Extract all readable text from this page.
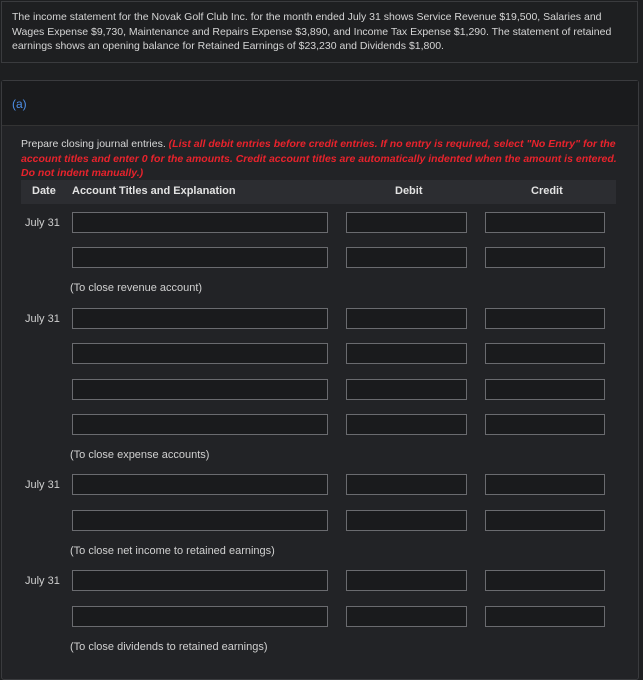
The income statement for the Novak Golf Club Inc. for the month ended July 31 shows Service Revenue $19,500, Salaries and Wages Expense $9,730, Maintenance and Repairs Expense $3,890, and Income Tax Expense $1,290. The statement of retained earnings shows an opening balance for Retained Earnings of $23,230 and Dividends $1,800.
(a)
Prepare closing journal entries. (List all debit entries before credit entries. If no entry is required, select "No Entry" for the account titles and enter 0 for the amounts. Credit account titles are automatically indented when the amount is entered. Do not indent manually.)
Date Account Titles and Explanation	Debit	Credit
July 31
(To close revenue account)
July 31
(To close expense accounts)
July 31
(To close net income to retained earnings)
July 31
(To close dividends to retained earnings)
